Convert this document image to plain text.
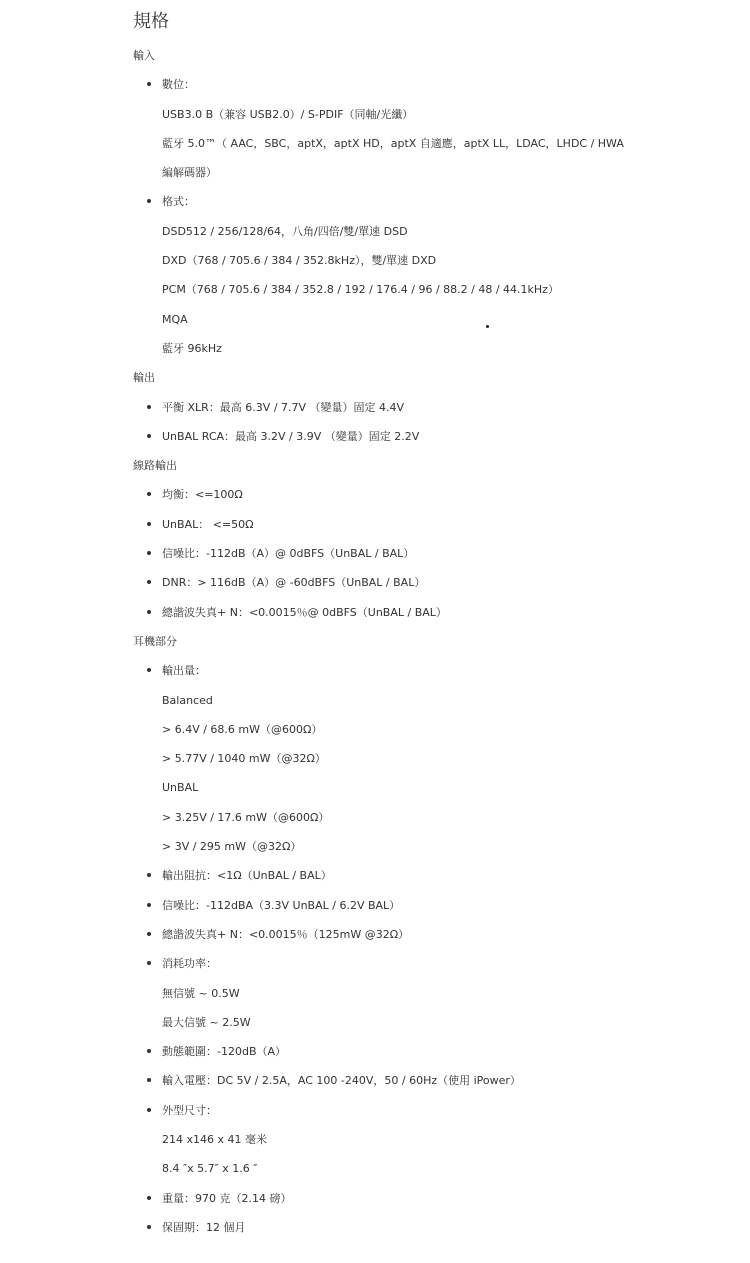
規格
輸入
數位：
USB3.0 B（兼容 USB2.0）/ S-PDIF（同軸/光纖）
藍牙 5.0™（ AAC，SBC，aptX，aptX HD，aptX 自適應，aptX LL，LDAC，LHDC / HWA
編解碼器）
格式：
DSD512 / 256/128/64，八角/四倍/雙/單速 DSD
DXD（768 / 705.6 / 384 / 352.8kHz），雙/單速 DXD
PCM（768 / 705.6 / 384 / 352.8 / 192 / 176.4 / 96 / 88.2 / 48 / 44.1kHz）
MQA
藍牙 96kHz
輸出
平衡 XLR：最高 6.3V / 7.7V （變量）固定 4.4V
UnBAL RCA：最高 3.2V / 3.9V （變量）固定 2.2V
線路輸出
均衡：<=100Ω
UnBAL： <=50Ω
信噪比：-112dB（A）@ 0dBFS（UnBAL / BAL）
DNR：> 116dB（A）@ -60dBFS（UnBAL / BAL）
總諧波失真+ N：<0.0015％@ 0dBFS（UnBAL / BAL）
耳機部分
輸出量：
Balanced
> 6.4V / 68.6 mW（@600Ω）
> 5.77V / 1040 mW（@32Ω）
UnBAL
> 3.25V / 17.6 mW（@600Ω）
> 3V / 295 mW（@32Ω）
輸出阻抗：<1Ω（UnBAL / BAL）
信噪比：-112dBA（3.3V UnBAL / 6.2V BAL）
總諧波失真+ N：<0.0015％（125mW @32Ω）
消耗功率：
無信號 ~ 0.5W
最大信號 ~ 2.5W
動態範圍：-120dB（A）
輸入電壓：DC 5V / 2.5A，AC 100 -240V，50 / 60Hz（使用 iPower）
外型尺寸：
214 x146 x 41 毫米
8.4 ″x 5.7″ x 1.6 ″
重量：970 克（2.14 磅）
保固期：12 個月
